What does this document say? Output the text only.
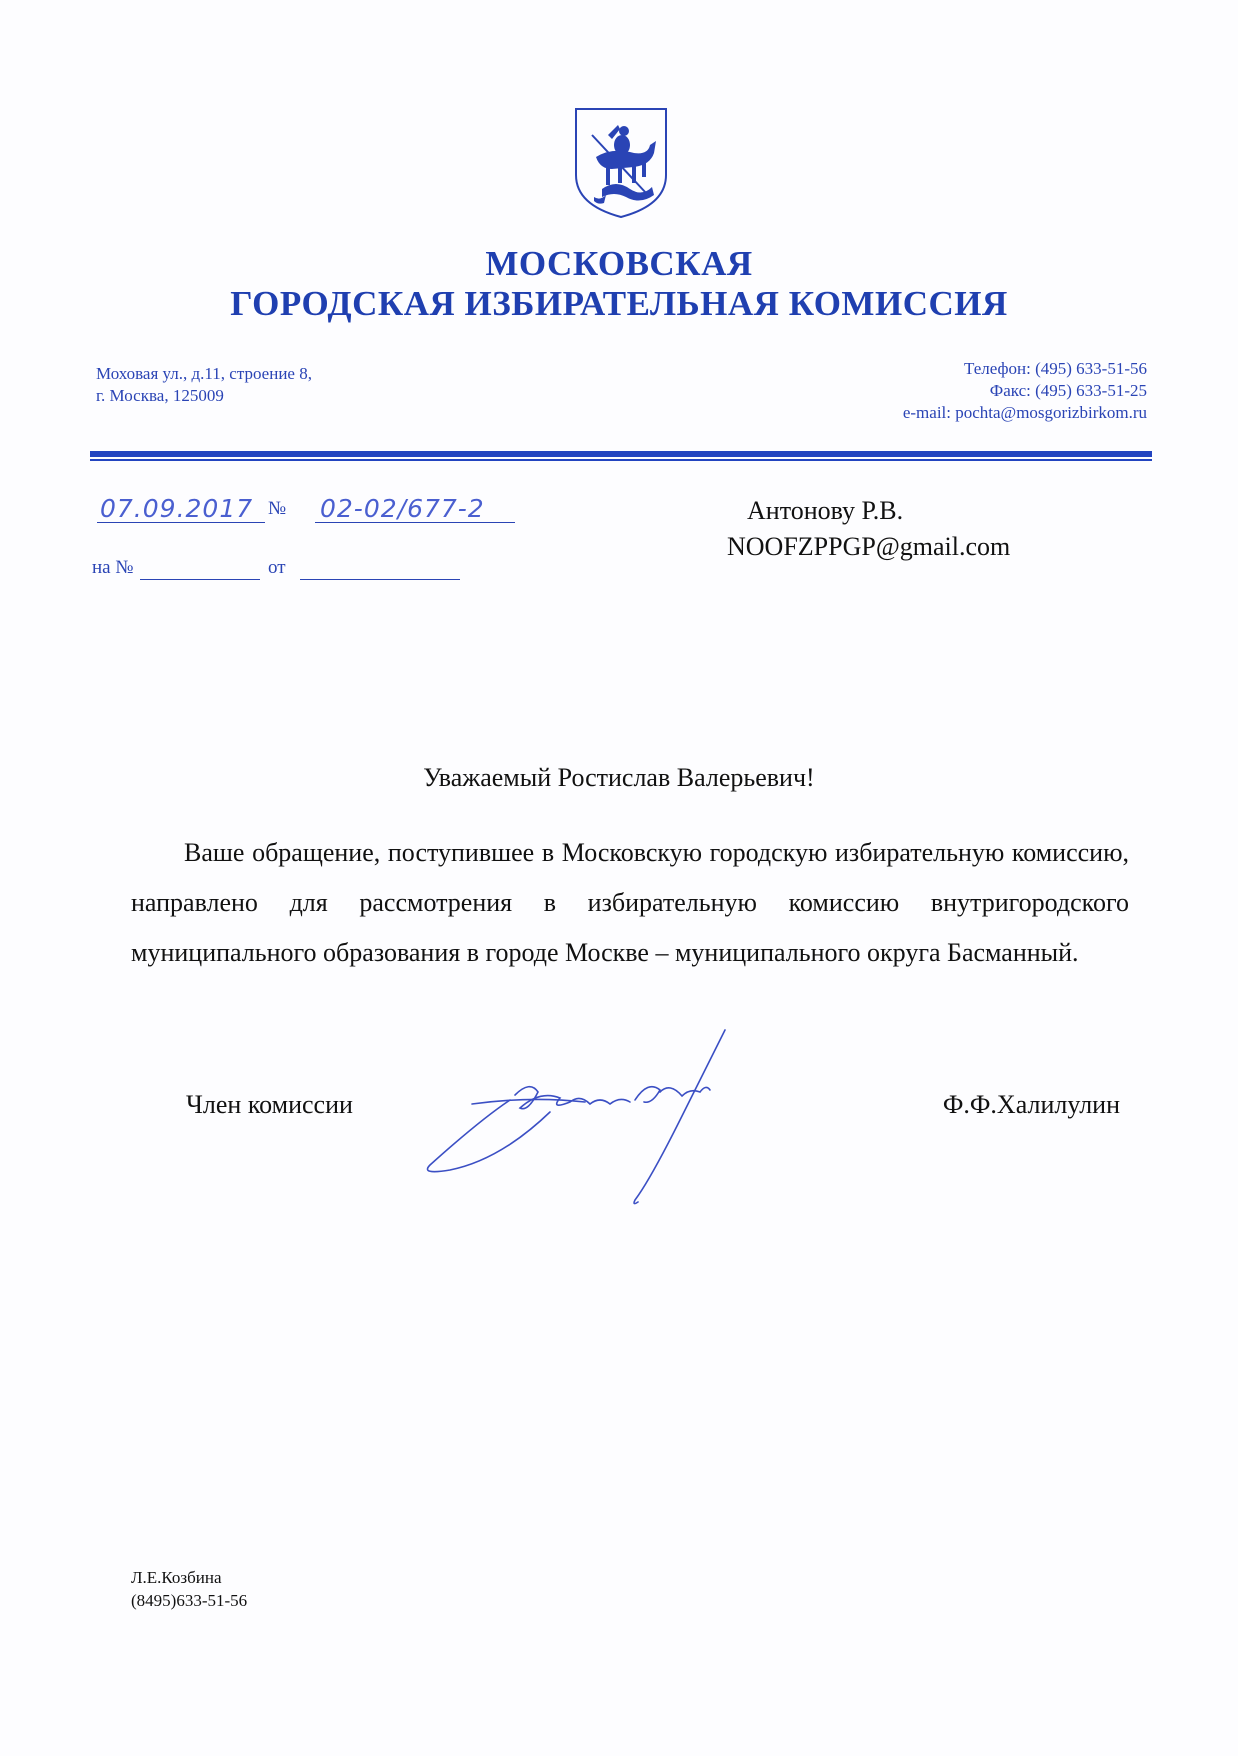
МОСКОВСКАЯ
ГОРОДСКАЯ ИЗБИРАТЕЛЬНАЯ КОМИССИЯ
Моховая ул., д.11, строение 8,
г. Москва, 125009
Телефон: (495) 633-51-56
Факс: (495) 633-51-25
e-mail: pochta@mosgorizbirkom.ru
07.09.2017 № 02-02/677-2
на №	от
Антонову Р.В.
NOOFZPPGP@gmail.com
Уважаемый Ростислав Валерьевич!
Ваше обращение, поступившее в Московскую городскую избирательную комиссию, направлено для рассмотрения в избирательную комиссию внутригородского муниципального образования в городе Москве – муниципального округа Басманный.
Член комиссии	Ф.Ф.Халилулин
Л.Е.Козбина
(8495)633-51-56
